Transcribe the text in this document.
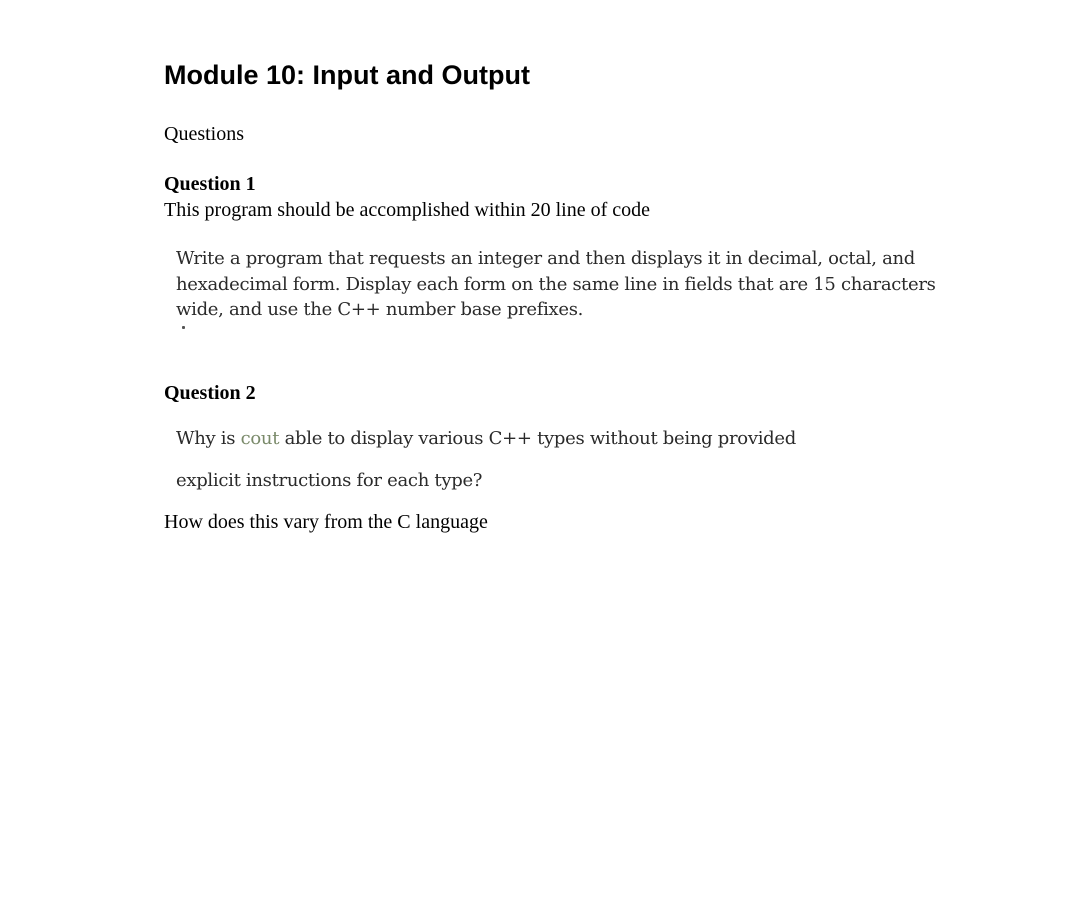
Module 10: Input and Output
Questions
Question 1
This program should be accomplished within 20 line of code
Write a program that requests an integer and then displays it in decimal, octal, and
hexadecimal form. Display each form on the same line in fields that are 15 characters
wide, and use the C++ number base prefixes.
Question 2
Why is cout able to display various C++ types without being provided
explicit instructions for each type?
How does this vary from the C language
